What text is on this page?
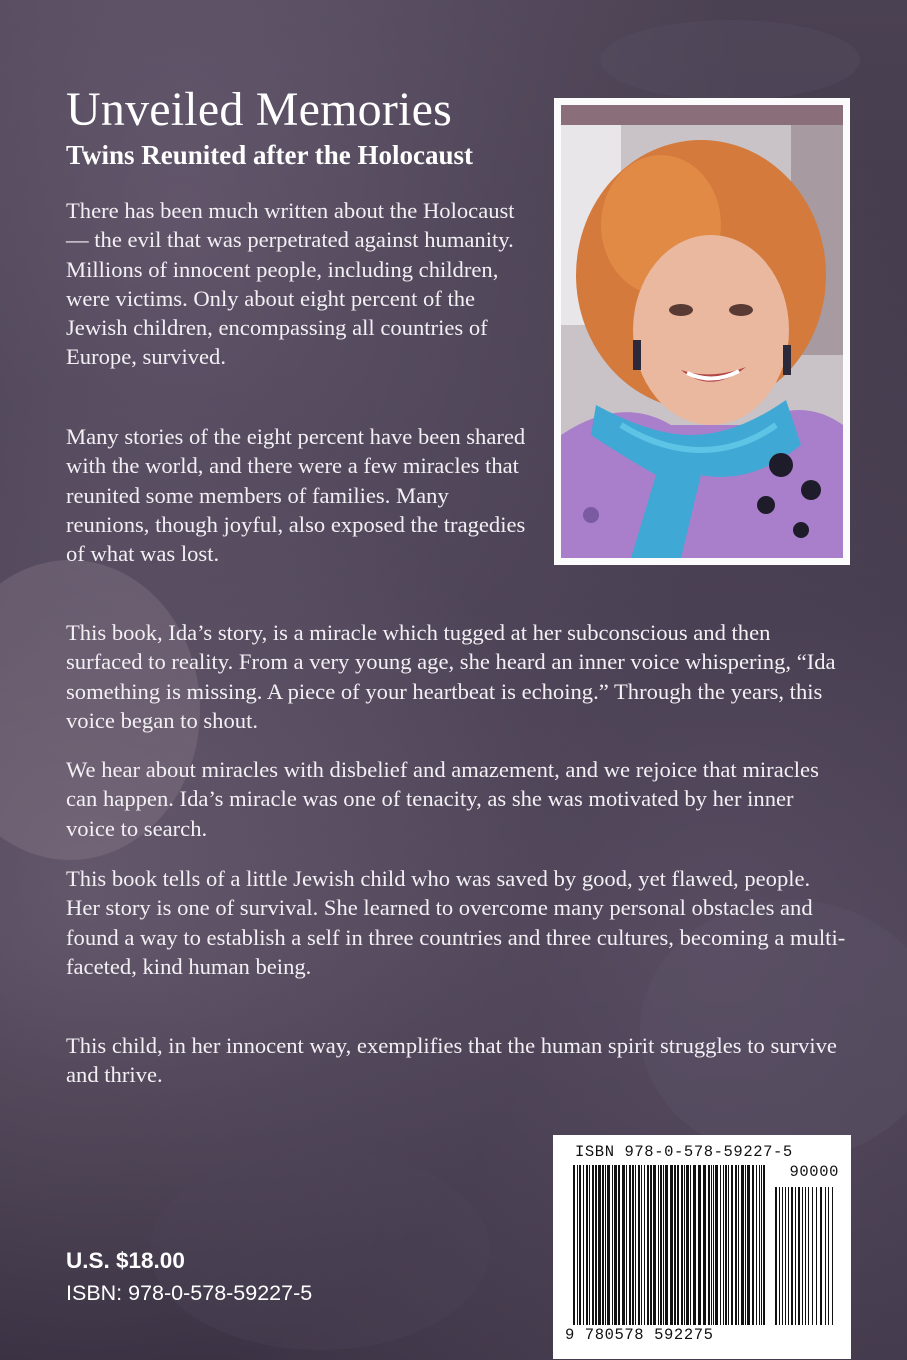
Unveiled Memories
Twins Reunited after the Holocaust

There has been much written about the Holocaust — the evil that was perpetrated against humanity. Millions of innocent people, including children, were victims. Only about eight percent of the Jewish children, encompassing all countries of Europe, survived.

Many stories of the eight percent have been shared with the world, and there were a few miracles that reunited some members of families. Many reunions, though joyful, also exposed the tragedies of what was lost.

This book, Ida’s story, is a miracle which tugged at her subconscious and then surfaced to reality. From a very young age, she heard an inner voice whispering, “Ida something is missing. A piece of your heartbeat is echoing.” Through the years, this voice began to shout.

We hear about miracles with disbelief and amazement, and we rejoice that miracles can happen. Ida’s miracle was one of tenacity, as she was motivated by her inner voice to search.

This book tells of a little Jewish child who was saved by good, yet flawed, people. Her story is one of survival. She learned to overcome many personal obstacles and found a way to establish a self in three countries and three cultures, becoming a multi-faceted, kind human being.

This child, in her innocent way, exemplifies that the human spirit struggles to survive and thrive.

U.S. $18.00

ISBN: 978-0-578-59227-5

ISBN 978-0-578-59227-5

90000

9 780578 592275
